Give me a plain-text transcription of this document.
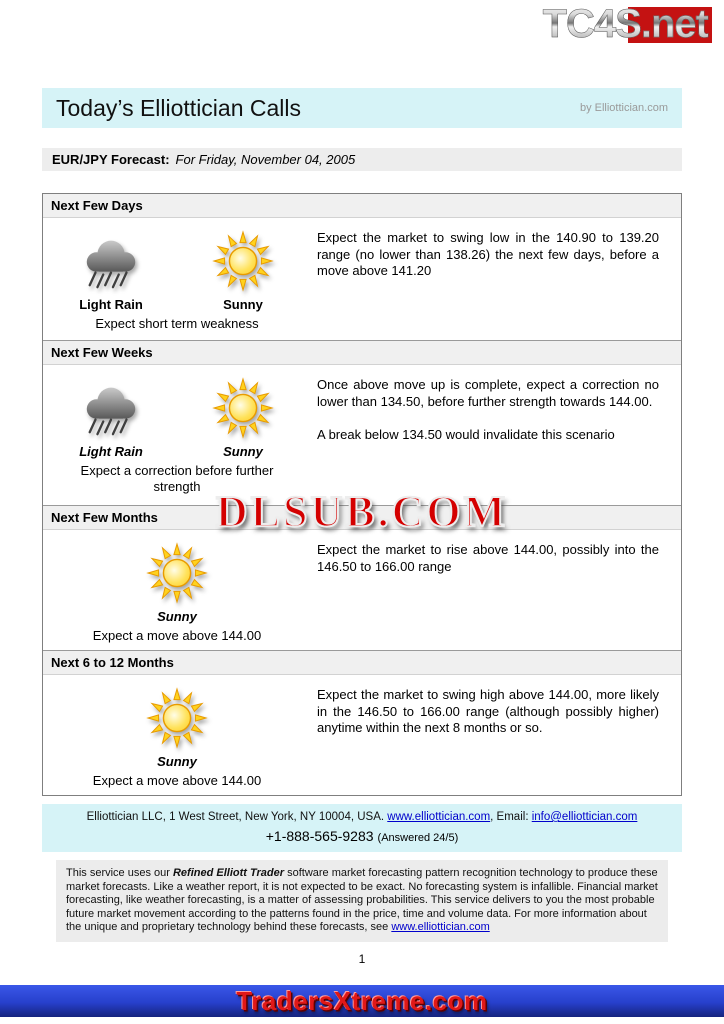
TC4S.net
Today’s Elliottician Calls	by Elliottician.com
EUR/JPY Forecast: For Friday, November 04, 2005
Next Few Days
Light Rain	Sunny
Expect short term weakness

Expect the market to swing low in the 140.90 to 139.20 range (no lower than 138.26) the next few days, before a move above 141.20

Next Few Weeks
Light Rain	Sunny
Expect a correction before further strength

Once above move up is complete, expect a correction no lower than 134.50, before further strength towards 144.00.

A break below 134.50 would invalidate this scenario

Next Few Months
Sunny
Expect a move above 144.00

Expect the market to rise above 144.00, possibly into the 146.50 to 166.00 range

Next 6 to 12 Months
Sunny
Expect a move above 144.00

Expect the market to swing high above 144.00, more likely in the 146.50 to 166.00 range (although possibly higher) anytime within the next 8 months or so.

DLSUB.COM
Elliottician LLC, 1 West Street, New York, NY 10004, USA. www.elliottician.com, Email: info@elliottician.com
+1-888-565-9283 (Answered 24/5)
This service uses our Refined Elliott Trader software market forecasting pattern recognition technology to produce these market forecasts. Like a weather report, it is not expected to be exact. No forecasting system is infallible. Financial market forecasting, like weather forecasting, is a matter of assessing probabilities. This service delivers to you the most probable future market movement according to the patterns found in the price, time and volume data. For more information about the unique and proprietary technology behind these forecasts, see www.elliottician.com
1
TradersXtreme.com
